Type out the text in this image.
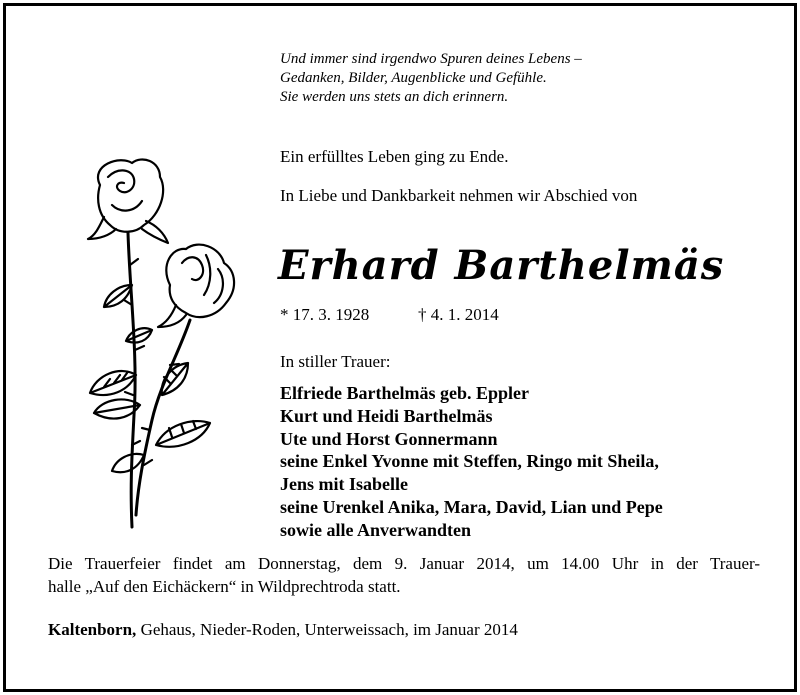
Und immer sind irgendwo Spuren deines Lebens –
Gedanken, Bilder, Augenblicke und Gefühle.
Sie werden uns stets an dich erinnern.
Ein erfülltes Leben ging zu Ende.
In Liebe und Dankbarkeit nehmen wir Abschied von
Erhard Barthelmäs
* 17. 3. 1928	† 4. 1. 2014
In stiller Trauer:
Elfriede Barthelmäs geb. Eppler
Kurt und Heidi Barthelmäs
Ute und Horst Gonnermann
seine Enkel Yvonne mit Steffen, Ringo mit Sheila,
Jens mit Isabelle
seine Urenkel Anika, Mara, David, Lian und Pepe
sowie alle Anverwandten
Die Trauerfeier findet am Donnerstag, dem 9. Januar 2014, um 14.00 Uhr in der Trauer-
halle „Auf den Eichäckern“ in Wildprechtroda statt.
Kaltenborn, Gehaus, Nieder-Roden, Unterweissach, im Januar 2014
